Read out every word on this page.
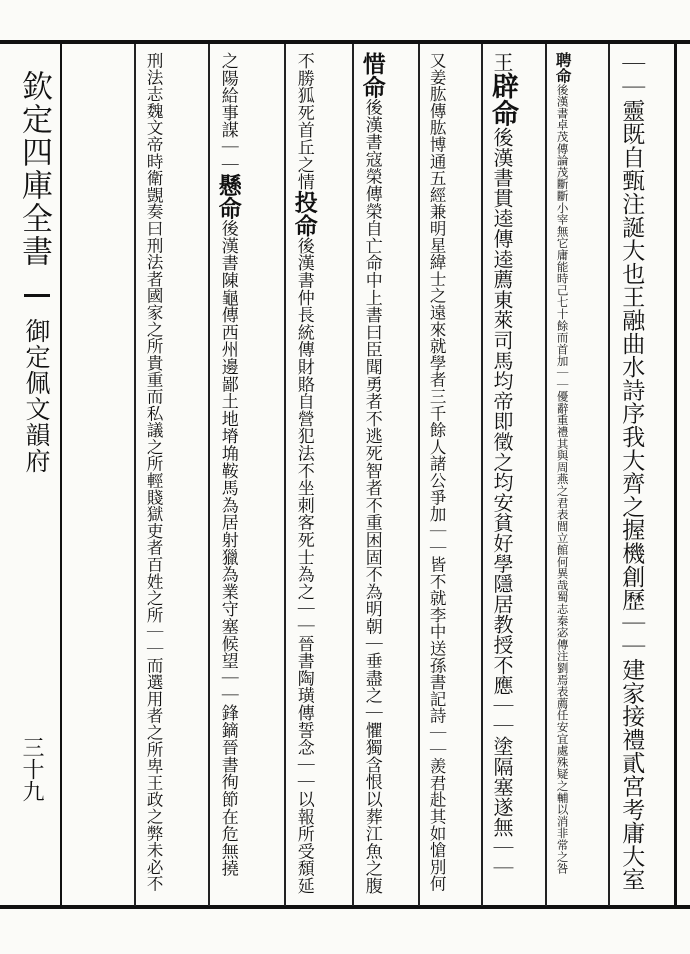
欽定四庫全書
御定佩文韻府
三十九	｜｜靈既自甄注誕大也王融曲水詩序我大齊之握機創歷｜｜建家接禮貳宮考庸大室
聘命後漢書卓茂傳論茂斷斷小宰無它庸能時己七十餘而首加｜｜優辭重禮其與周燕之君表閭立館何異哉蜀志秦宓傳注劉焉表薦任安宜處殊疑之輔以消非常之咎
王辟命後漢書貫逵傳逵薦東萊司馬均帝即徵之均安貧好學隱居教授不應｜｜塗隔塞遂無｜｜
又姜肱傳肱博通五經兼明星緯士之遠來就學者三千餘人諸公爭加｜｜皆不就李中送孫書記詩｜｜羨君赴其如愴別何
惜命後漢書寇榮傳榮自亡命中上書曰臣聞勇者不逃死智者不重困固不為明朝｜垂盡之｜懼獨含恨以葬江魚之腹
不勝狐死首丘之情投命後漢書仲長統傳財賂自營犯法不坐刺客死士為之｜｜晉書陶璜傳誓念｜｜以報所受頹延
之陽給事謀｜｜懸命後漢書陳龜傳西州邊鄙土地塉埆鞍馬為居射獵為業守塞候望｜｜鋒鏑晉書徇節在危無撓
刑法志魏文帝時衛覬奏曰刑法者國家之所貴重而私議之所輕賤獄吏者百姓之所｜｜而選用者之所卑王政之弊未必不
